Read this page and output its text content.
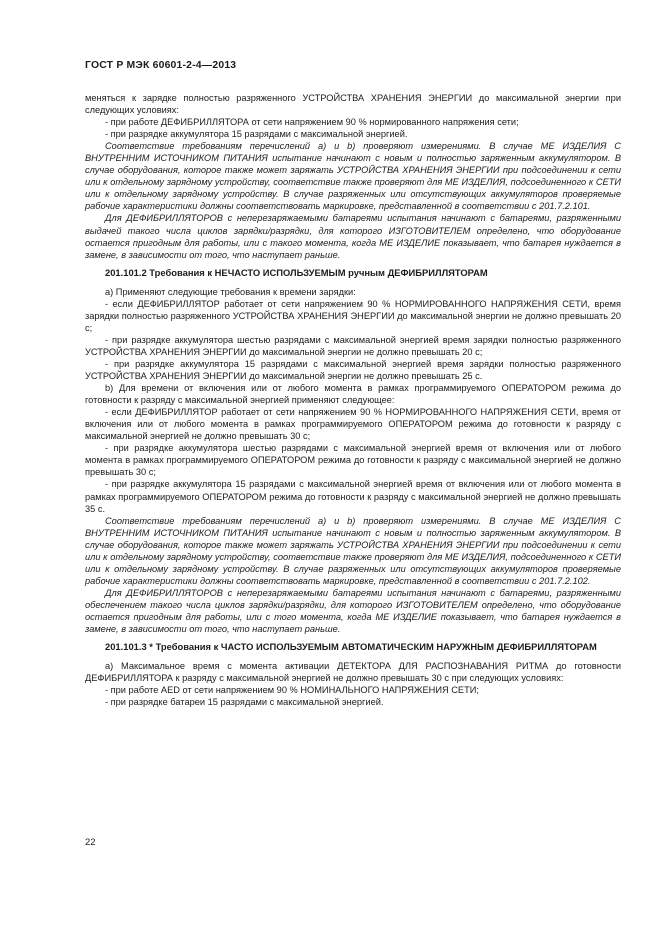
ГОСТ Р МЭК 60601-2-4—2013

меняться к зарядке полностью разряженного УСТРОЙСТВА ХРАНЕНИЯ ЭНЕРГИИ до максимальной энергии при следующих условиях:

- при работе ДЕФИБРИЛЛЯТОРА от сети напряжением 90 % нормированного напряжения сети;

- при разрядке аккумулятора 15 разрядами с максимальной энергией.

Соответствие требованиям перечислений a) и b) проверяют измерениями. В случае МЕ ИЗДЕЛИЯ С ВНУТРЕННИМ ИСТОЧНИКОМ ПИТАНИЯ испытание начинают с новым и полностью заряженным аккумулятором. В случае оборудования, которое также может заряжать УСТРОЙСТВА ХРАНЕНИЯ ЭНЕРГИИ при подсоединении к сети или к отдельному зарядному устройству, соответствие также проверяют для МЕ ИЗДЕЛИЯ, подсоединенного к СЕТИ или к отдельному зарядному устройству. В случае разряженных или отсутствующих аккумуляторов проверяемые рабочие характеристики должны соответствовать маркировке, представленной в соответствии с 201.7.2.101.

Для ДЕФИБРИЛЛЯТОРОВ с неперезаряжаемыми батареями испытания начинают с батареями, разряженными выдачей такого числа циклов зарядки/разрядки, для которого ИЗГОТОВИТЕЛЕМ определено, что оборудование остается пригодным для работы, или с такого момента, когда МЕ ИЗДЕЛИЕ показывает, что батарея нуждается в замене, в зависимости от того, что наступает раньше.

201.101.2 Требования к НЕЧАСТО ИСПОЛЬЗУЕМЫМ ручным ДЕФИБРИЛЛЯТОРАМ

a) Применяют следующие требования к времени зарядки:

- если ДЕФИБРИЛЛЯТОР работает от сети напряжением 90 % НОРМИРОВАННОГО НАПРЯЖЕНИЯ СЕТИ, время зарядки полностью разряженного УСТРОЙСТВА ХРАНЕНИЯ ЭНЕРГИИ до максимальной энергии не должно превышать 20 с;

- при разрядке аккумулятора шестью разрядами с максимальной энергией время зарядки полностью разряженного УСТРОЙСТВА ХРАНЕНИЯ ЭНЕРГИИ до максимальной энергии не должно превышать 20 с;

- при разрядке аккумулятора 15 разрядами с максимальной энергией время зарядки полностью разряженного УСТРОЙСТВА ХРАНЕНИЯ ЭНЕРГИИ до максимальной энергии не должно превышать 25 с.

b) Для времени от включения или от любого момента в рамках программируемого ОПЕРАТОРОМ режима до готовности к разряду с максимальной энергией применяют следующее:

- если ДЕФИБРИЛЛЯТОР работает от сети напряжением 90 % НОРМИРОВАННОГО НАПРЯЖЕНИЯ СЕТИ, время от включения или от любого момента в рамках программируемого ОПЕРАТОРОМ режима до готовности к разряду с максимальной энергией не должно превышать 30 с;

- при разрядке аккумулятора шестью разрядами с максимальной энергией время от включения или от любого момента в рамках программируемого ОПЕРАТОРОМ режима до готовности к разряду с максимальной энергией не должно превышать 30 с;

- при разрядке аккумулятора 15 разрядами с максимальной энергией время от включения или от любого момента в рамках программируемого ОПЕРАТОРОМ режима до готовности к разряду с максимальной энергией не должно превышать 35 с.

Соответствие требованиям перечислений a) и b) проверяют измерениями. В случае МЕ ИЗДЕЛИЯ С ВНУТРЕННИМ ИСТОЧНИКОМ ПИТАНИЯ испытание начинают с новым и полностью заряженным аккумулятором. В случае оборудования, которое также может заряжать УСТРОЙСТВА ХРАНЕНИЯ ЭНЕРГИИ при подсоединении к сети или к отдельному зарядному устройству, соответствие также проверяют для МЕ ИЗДЕЛИЯ, подсоединенного к СЕТИ или к отдельному зарядному устройству. В случае разряженных или отсутствующих аккумуляторов проверяемые рабочие характеристики должны соответствовать маркировке, представленной в соответствии с 201.7.2.102.

Для ДЕФИБРИЛЛЯТОРОВ с неперезаряжаемыми батареями испытания начинают с батареями, разряженными обеспечением такого числа циклов зарядки/разрядки, для которого ИЗГОТОВИТЕЛЕМ определено, что оборудование остается пригодным для работы, или с того момента, когда МЕ ИЗДЕЛИЕ показывает, что батарея нуждается в замене, в зависимости от того, что наступает раньше.

201.101.3 * Требования к ЧАСТО ИСПОЛЬЗУЕМЫМ АВТОМАТИЧЕСКИМ НАРУЖНЫМ ДЕФИБРИЛЛЯТОРАМ

a) Максимальное время с момента активации ДЕТЕКТОРА ДЛЯ РАСПОЗНАВАНИЯ РИТМА до готовности ДЕФИБРИЛЛЯТОРА к разряду с максимальной энергией не должно превышать 30 с при следующих условиях:

- при работе AED от сети напряжением 90 % НОМИНАЛЬНОГО НАПРЯЖЕНИЯ СЕТИ;

- при разрядке батареи 15 разрядами с максимальной энергией.

22
